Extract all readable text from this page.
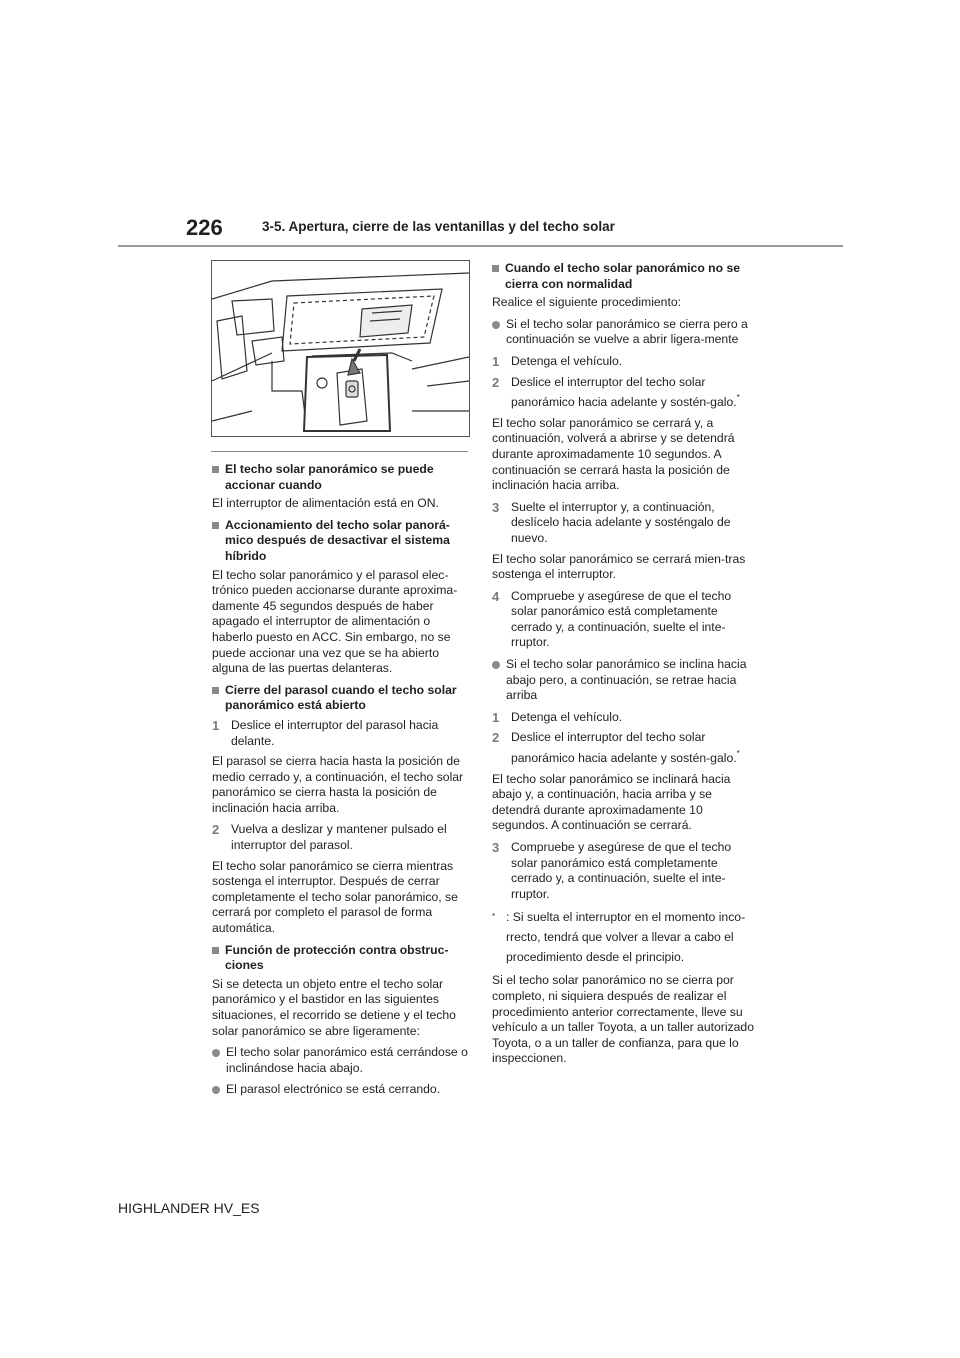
226	3-5. Apertura, cierre de las ventanillas y del techo solar
El techo solar panorámico se puede accionar cuando

El interruptor de alimentación está en ON.

Accionamiento del techo solar panorá-mico después de desactivar el sistema híbrido

El techo solar panorámico y el parasol elec-trónico pueden accionarse durante aproxima-damente 45 segundos después de haber apagado el interruptor de alimentación o haberlo puesto en ACC. Sin embargo, no se puede accionar una vez que se ha abierto alguna de las puertas delanteras.

Cierre del parasol cuando el techo solar panorámico está abierto
1 Deslice el interruptor del parasol hacia delante.

El parasol se cierra hacia hasta la posición de medio cerrado y, a continuación, el techo solar panorámico se cierra hasta la posición de inclinación hacia arriba.

2 Vuelva a deslizar y mantener pulsado el interruptor del parasol.

El techo solar panorámico se cierra mientras sostenga el interruptor. Después de cerrar completamente el techo solar panorámico, se cerrará por completo el parasol de forma automática.

Función de protección contra obstruc-ciones

Si se detecta un objeto entre el techo solar panorámico y el bastidor en las siguientes situaciones, el recorrido se detiene y el techo solar panorámico se abre ligeramente:

El techo solar panorámico está cerrándose o inclinándose hacia abajo.
El parasol electrónico se está cerrando.
Cuando el techo solar panorámico no se cierra con normalidad

Realice el siguiente procedimiento:

Si el techo solar panorámico se cierra pero a continuación se vuelve a abrir ligera-mente
1 Detenga el vehículo.
2 Deslice el interruptor del techo solar panorámico hacia adelante y sostén-galo.*

El techo solar panorámico se cerrará y, a continuación, volverá a abrirse y se detendrá durante aproximadamente 10 segundos. A continuación se cerrará hasta la posición de inclinación hacia arriba.

3 Suelte el interruptor y, a continuación, deslícelo hacia adelante y sosténgalo de nuevo.

El techo solar panorámico se cerrará mien-tras sostenga el interruptor.

4 Compruebe y asegúrese de que el techo solar panorámico está completamente cerrado y, a continuación, suelte el inte-rruptor.
Si el techo solar panorámico se inclina hacia abajo pero, a continuación, se retrae hacia arriba
1 Detenga el vehículo.
2 Deslice el interruptor del techo solar panorámico hacia adelante y sostén-galo.*

El techo solar panorámico se inclinará hacia abajo y, a continuación, hacia arriba y se detendrá durante aproximadamente 10 segundos. A continuación se cerrará.

3 Compruebe y asegúrese de que el techo solar panorámico está completamente cerrado y, a continuación, suelte el inte-rruptor.
* : Si suelta el interruptor en el momento inco-rrecto, tendrá que volver a llevar a cabo el procedimiento desde el principio.

Si el techo solar panorámico no se cierra por completo, ni siquiera después de realizar el procedimiento anterior correctamente, lleve su vehículo a un taller Toyota, a un taller autorizado Toyota, o a un taller de confianza, para que lo inspeccionen.

HIGHLANDER HV_ES
